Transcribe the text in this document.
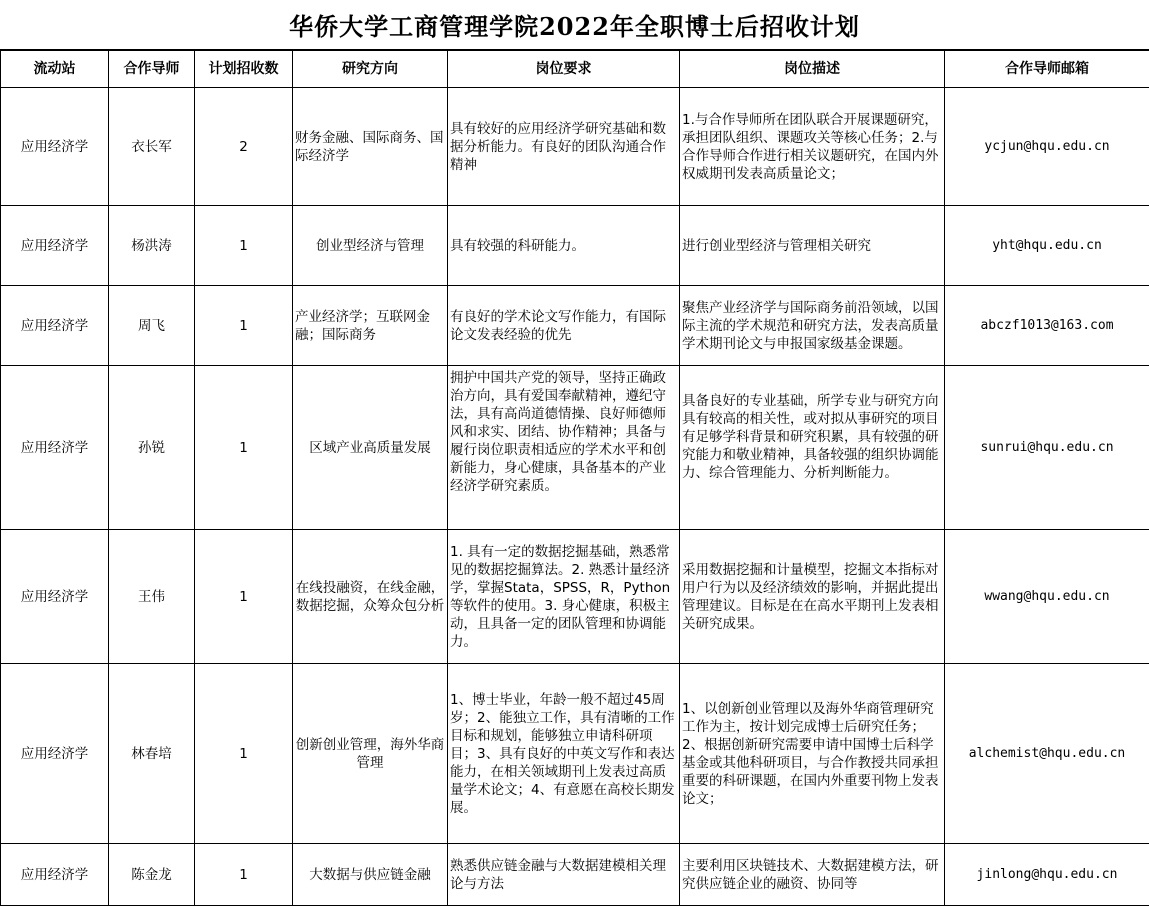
华侨大学工商管理学院2022年全职博士后招收计划
流动站	合作导师	计划招收数	研究方向	岗位要求	岗位描述	合作导师邮箱
应用经济学	衣长军	2	财务金融、国际商务、国际经济学	具有较好的应用经济学研究基础和数据分析能力。有良好的团队沟通合作精神	1.与合作导师所在团队联合开展课题研究，承担团队组织、课题攻关等核心任务；2.与合作导师合作进行相关议题研究，在国内外权威期刊发表高质量论文；	ycjun@hqu.edu.cn
应用经济学	杨洪涛	1	创业型经济与管理	具有较强的科研能力。	进行创业型经济与管理相关研究	yht@hqu.edu.cn
应用经济学	周飞	1	产业经济学；互联网金融；国际商务	有良好的学术论文写作能力，有国际论文发表经验的优先	聚焦产业经济学与国际商务前沿领域，以国际主流的学术规范和研究方法，发表高质量学术期刊论文与申报国家级基金课题。	abczf1013@163.com
应用经济学	孙锐	1	区域产业高质量发展	拥护中国共产党的领导，坚持正确政治方向，具有爱国奉献精神，遵纪守法，具有高尚道德情操、良好师德师风和求实、团结、协作精神；具备与履行岗位职责相适应的学术水平和创新能力，身心健康，具备基本的产业经济学研究素质。	具备良好的专业基础，所学专业与研究方向具有较高的相关性，或对拟从事研究的项目有足够学科背景和研究积累，具有较强的研究能力和敬业精神，具备较强的组织协调能力、综合管理能力、分析判断能力。	sunrui@hqu.edu.cn
应用经济学	王伟	1	在线投融资，在线金融，数据挖掘，众筹众包分析	1. 具有一定的数据挖掘基础，熟悉常见的数据挖掘算法。2. 熟悉计量经济学，掌握Stata，SPSS，R，Python等软件的使用。3. 身心健康，积极主动，且具备一定的团队管理和协调能力。	采用数据挖掘和计量模型，挖掘文本指标对用户行为以及经济绩效的影响，并据此提出管理建议。目标是在在高水平期刊上发表相关研究成果。	wwang@hqu.edu.cn
应用经济学	林春培	1	创新创业管理，海外华商管理	1、博士毕业，年龄一般不超过45周岁；2、能独立工作，具有清晰的工作目标和规划，能够独立申请科研项目；3、具有良好的中英文写作和表达能力，在相关领域期刊上发表过高质量学术论文；4、有意愿在高校长期发展。	1、以创新创业管理以及海外华商管理研究工作为主，按计划完成博士后研究任务；2、根据创新研究需要申请中国博士后科学基金或其他科研项目，与合作教授共同承担重要的科研课题，在国内外重要刊物上发表论文；	alchemist@hqu.edu.cn
应用经济学	陈金龙	1	大数据与供应链金融	熟悉供应链金融与大数据建模相关理论与方法	主要利用区块链技术、大数据建模方法，研究供应链企业的融资、协同等	jinlong@hqu.edu.cn
